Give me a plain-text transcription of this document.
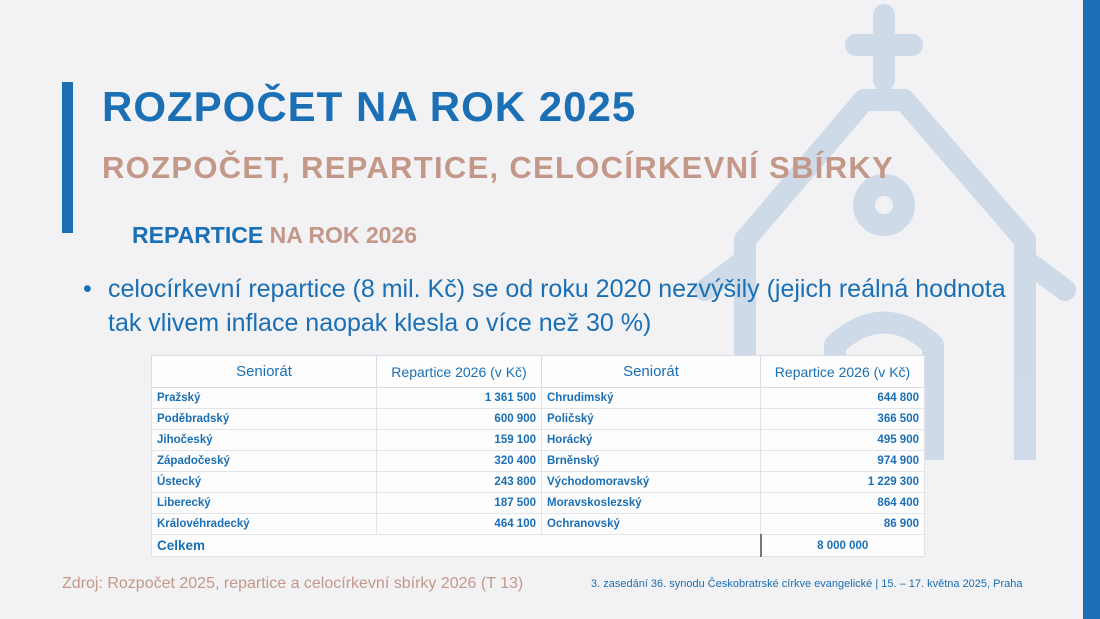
ROZPOČET NA ROK 2025
ROZPOČET, REPARTICE, CELOCÍRKEVNÍ SBÍRKY
REPARTICE NA ROK 2026
• celocírkevní repartice (8 mil. Kč) se od roku 2020 nezvýšily (jejich reálná hodnota tak vlivem inflace naopak klesla o více než 30 %)
Seniorát	Repartice 2026 (v Kč)	Seniorát	Repartice 2026 (v Kč)
Pražský	1 361 500	Chrudimský	644 800
Poděbradský	600 900	Poličský	366 500
Jihočeský	159 100	Horácký	495 900
Západočeský	320 400	Brněnský	974 900
Ústecký	243 800	Východomoravský	1 229 300
Liberecký	187 500	Moravskoslezský	864 400
Královéhradecký	464 100	Ochranovský	86 900
Celkem			8 000 000

Zdroj: Rozpočet 2025, repartice a celocírkevní sbírky 2026 (T 13)	3. zasedání 36. synodu Českobratrské církve evangelické | 15. – 17. května 2025, Praha
